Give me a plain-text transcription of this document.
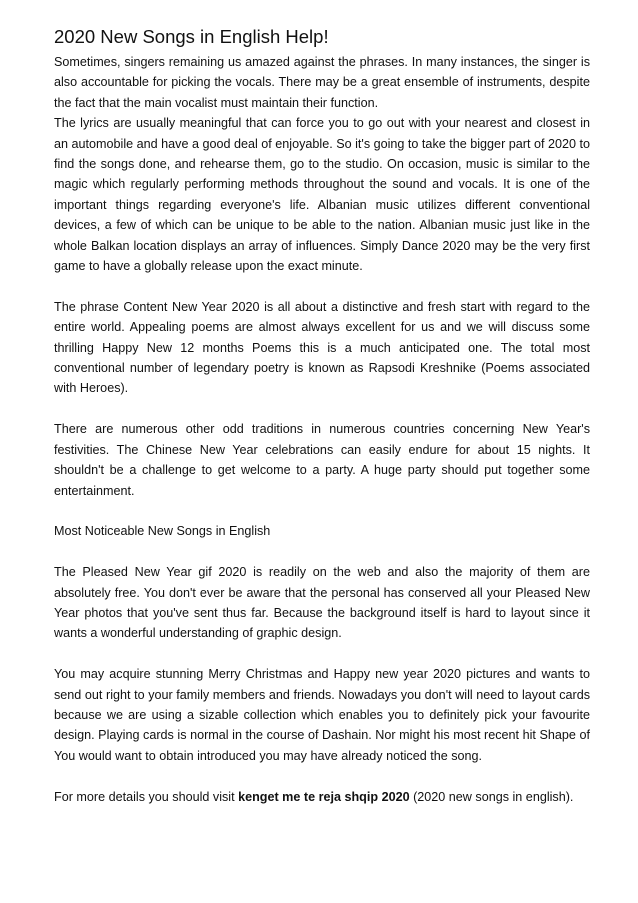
2020 New Songs in English Help!

Sometimes, singers remaining us amazed against the phrases. In many instances, the singer is also accountable for picking the vocals. There may be a great ensemble of instruments, despite the fact that the main vocalist must maintain their function.

The lyrics are usually meaningful that can force you to go out with your nearest and closest in an automobile and have a good deal of enjoyable. So it's going to take the bigger part of 2020 to find the songs done, and rehearse them, go to the studio. On occasion, music is similar to the magic which regularly performing methods throughout the sound and vocals. It is one of the important things regarding everyone's life. Albanian music utilizes different conventional devices, a few of which can be unique to be able to the nation. Albanian music just like in the whole Balkan location displays an array of influences. Simply Dance 2020 may be the very first game to have a globally release upon the exact minute.

The phrase Content New Year 2020 is all about a distinctive and fresh start with regard to the entire world. Appealing poems are almost always excellent for us and we will discuss some thrilling Happy New 12 months Poems this is a much anticipated one. The total most conventional number of legendary poetry is known as Rapsodi Kreshnike (Poems associated with Heroes).

There are numerous other odd traditions in numerous countries concerning New Year's festivities. The Chinese New Year celebrations can easily endure for about 15 nights. It shouldn't be a challenge to get welcome to a party. A huge party should put together some entertainment.

Most Noticeable New Songs in English

The Pleased New Year gif 2020 is readily on the web and also the majority of them are absolutely free. You don't ever be aware that the personal has conserved all your Pleased New Year photos that you've sent thus far. Because the background itself is hard to layout since it wants a wonderful understanding of graphic design.

You may acquire stunning Merry Christmas and Happy new year 2020 pictures and wants to send out right to your family members and friends. Nowadays you don't will need to layout cards because we are using a sizable collection which enables you to definitely pick your favourite design. Playing cards is normal in the course of Dashain. Nor might his most recent hit Shape of You would want to obtain introduced you may have already noticed the song.

For more details you should visit kenget me te reja shqip 2020 (2020 new songs in english).
